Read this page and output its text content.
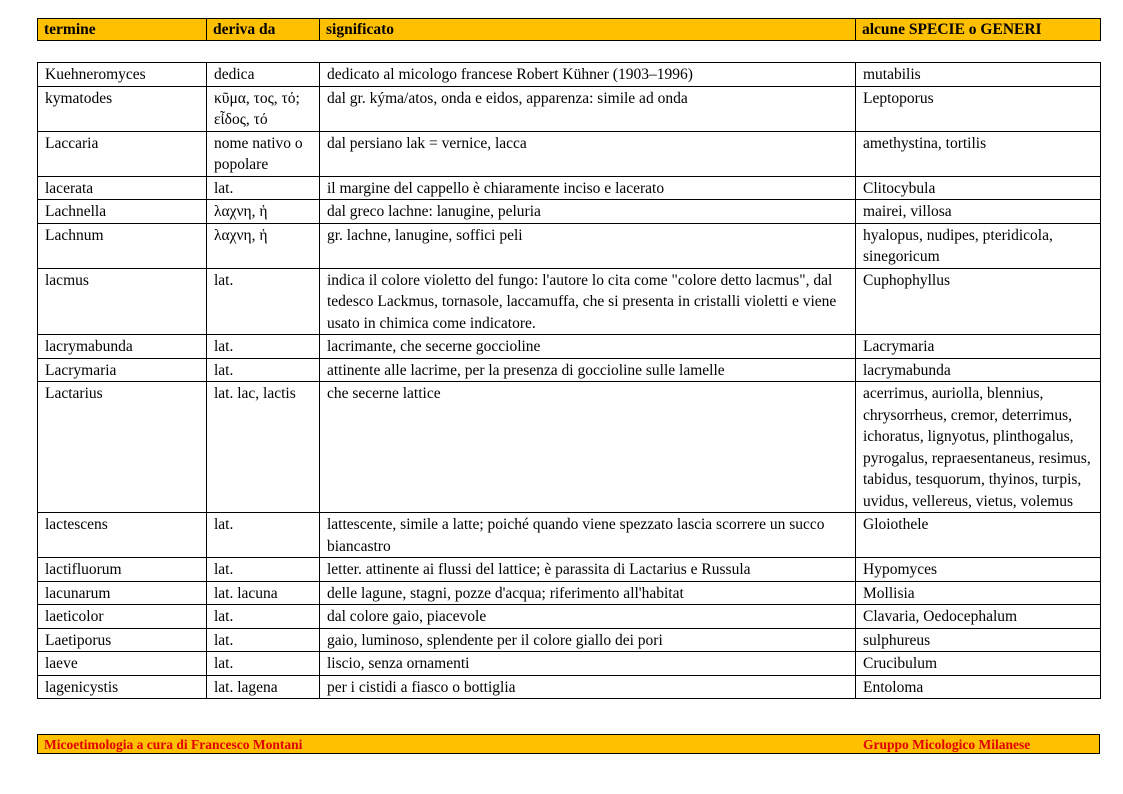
termine	deriva da	significato	alcune SPECIE o GENERI
Kuehneromyces	dedica	dedicato al micologo francese Robert Kühner (1903–1996)	mutabilis
kymatodes	κῦμα, τος, τό; εἶδος, τό	dal gr. kýma/atos, onda e eidos, apparenza: simile ad onda	Leptoporus
Laccaria	nome nativo o popolare	dal persiano lak = vernice, lacca	amethystina, tortilis
lacerata	lat.	il margine del cappello è chiaramente inciso e lacerato	Clitocybula
Lachnella	λαχνη, ἡ	dal greco lachne: lanugine, peluria	mairei, villosa
Lachnum	λαχνη, ἡ	gr. lachne, lanugine, soffici peli	hyalopus, nudipes, pteridicola, sinegoricum
lacmus	lat.	indica il colore violetto del fungo: l'autore lo cita come "colore detto lacmus", dal tedesco Lackmus, tornasole, laccamuffa, che si presenta in cristalli violetti e viene usato in chimica come indicatore.	Cuphophyllus
lacrymabunda	lat.	lacrimante, che secerne goccioline	Lacrymaria
Lacrymaria	lat.	attinente alle lacrime, per la presenza di goccioline sulle lamelle	lacrymabunda
Lactarius	lat. lac, lactis	che secerne lattice	acerrimus, auriolla, blennius, chrysorrheus, cremor, deterrimus, ichoratus, lignyotus, plinthogalus, pyrogalus, repraesentaneus, resimus, tabidus, tesquorum, thyinos, turpis, uvidus, vellereus, vietus, volemus
lactescens	lat.	lattescente, simile a latte; poiché quando viene spezzato lascia scorrere un succo biancastro	Gloiothele
lactifluorum	lat.	letter. attinente ai flussi del lattice; è parassita di Lactarius e Russula	Hypomyces
lacunarum	lat. lacuna	delle lagune, stagni, pozze d'acqua; riferimento all'habitat	Mollisia
laeticolor	lat.	dal colore gaio, piacevole	Clavaria, Oedocephalum
Laetiporus	lat.	gaio, luminoso, splendente per il colore giallo dei pori	sulphureus
laeve	lat.	liscio, senza ornamenti	Crucibulum
lagenicystis	lat. lagena	per i cistidi a fiasco o bottiglia	Entoloma
Micoetimologia a cura di Francesco Montani	Gruppo Micologico Milanese
